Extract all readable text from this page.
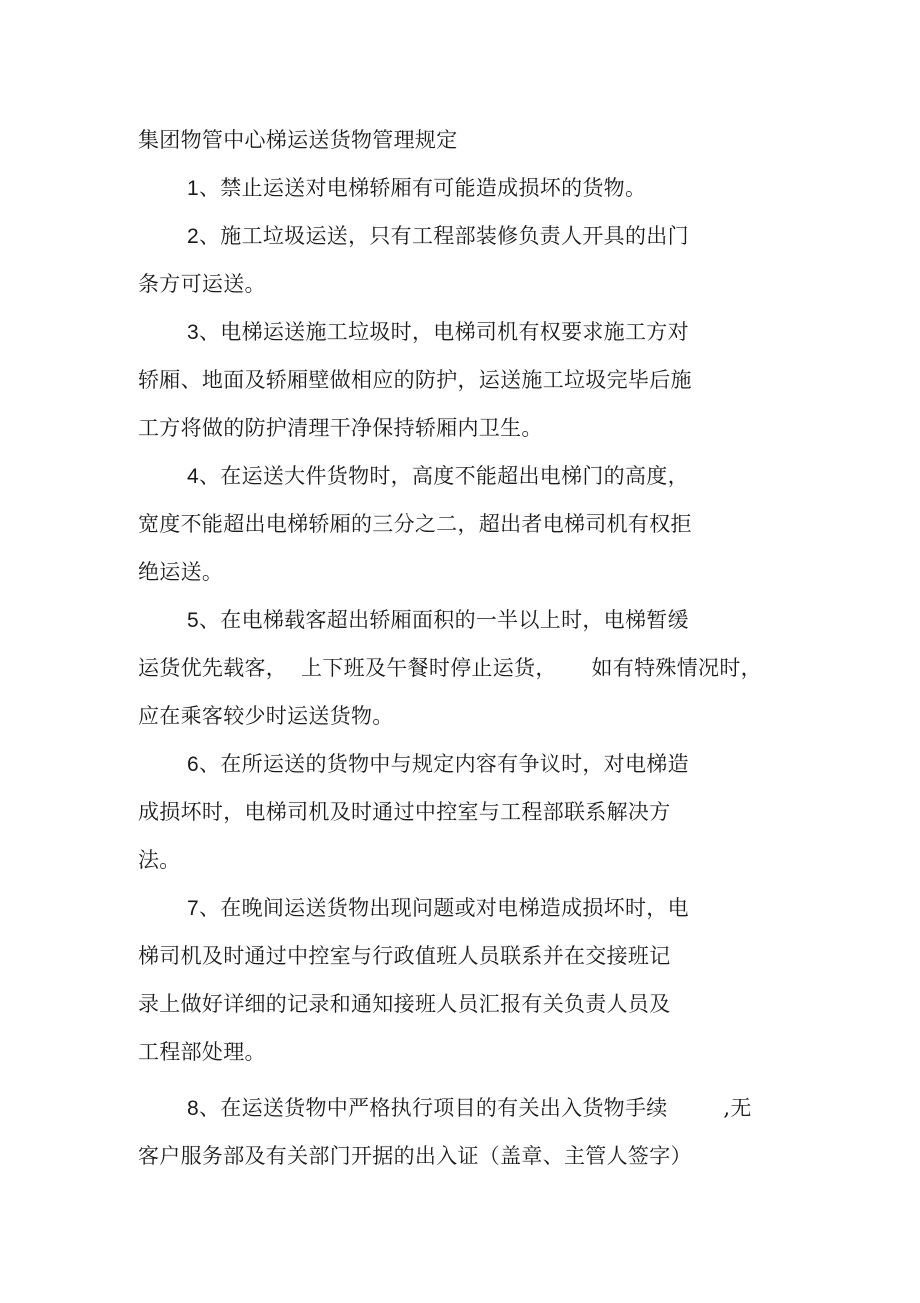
集团物管中心梯运送货物管理规定
1、禁止运送对电梯轿厢有可能造成损坏的货物。
2、施工垃圾运送，只有工程部装修负责人开具的出门
条方可运送。
3、电梯运送施工垃圾时，电梯司机有权要求施工方对
轿厢、地面及轿厢壁做相应的防护，运送施工垃圾完毕后施
工方将做的防护清理干净保持轿厢内卫生。
4、在运送大件货物时，高度不能超出电梯门的高度，
宽度不能超出电梯轿厢的三分之二，超出者电梯司机有权拒
绝运送。
5、在电梯载客超出轿厢面积的一半以上时，电梯暂缓
运货优先载客，  上下班及午餐时停止运货，     如有特殊情况时，
应在乘客较少时运送货物。
6、在所运送的货物中与规定内容有争议时，对电梯造
成损坏时，电梯司机及时通过中控室与工程部联系解决方
法。
7、在晚间运送货物出现问题或对电梯造成损坏时，电
梯司机及时通过中控室与行政值班人员联系并在交接班记
录上做好详细的记录和通知接班人员汇报有关负责人员及
工程部处理。
8、在运送货物中严格执行项目的有关出入货物手续        ,无
客户服务部及有关部门开据的出入证（盖章、主管人签字）
